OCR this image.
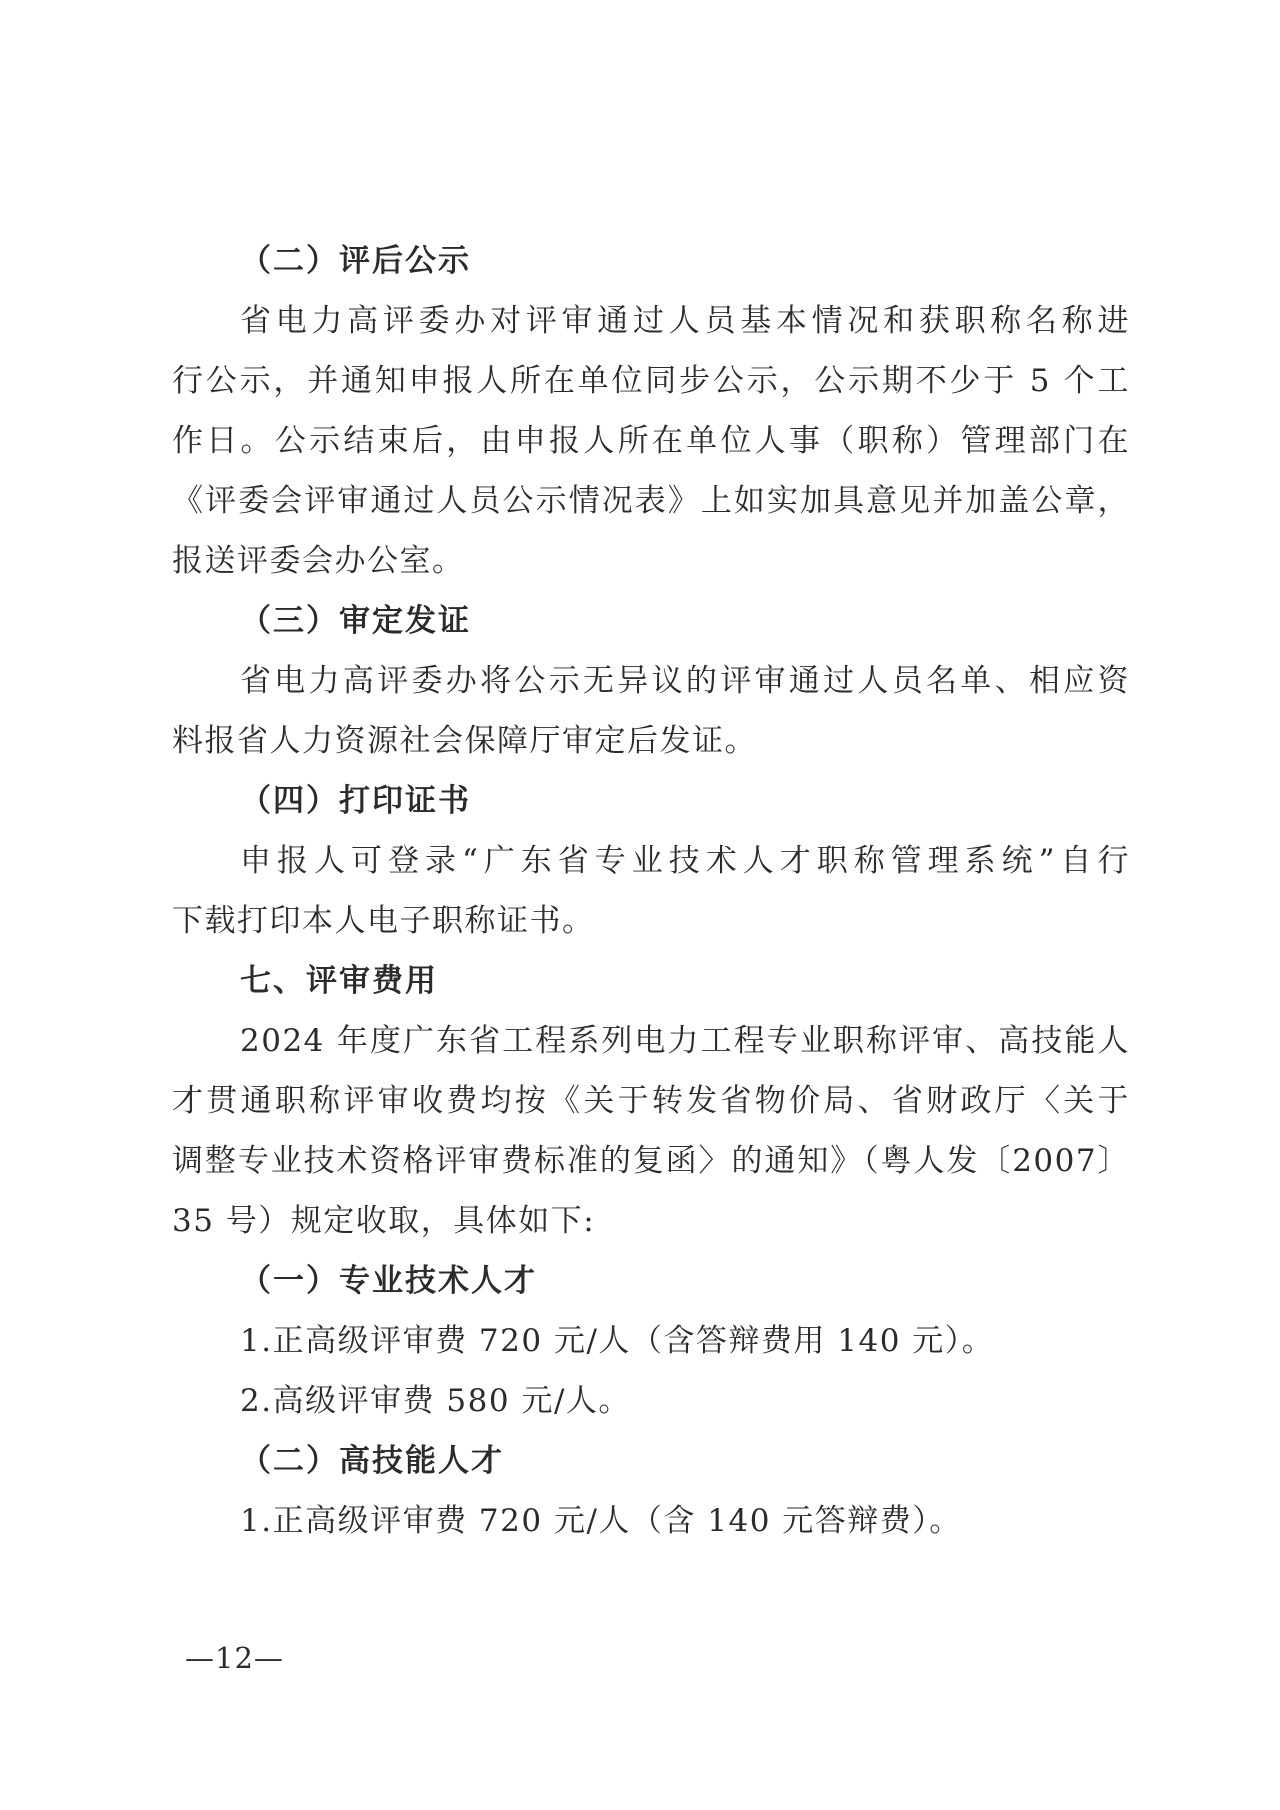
（二）评后公示
省电力高评委办对评审通过人员基本情况和获职称名称进
行公示，并通知申报人所在单位同步公示，公示期不少于 5 个工
作日。公示结束后，由申报人所在单位人事（职称）管理部门在
《评委会评审通过人员公示情况表》上如实加具意见并加盖公章，
报送评委会办公室。
（三）审定发证
省电力高评委办将公示无异议的评审通过人员名单、相应资
料报省人力资源社会保障厅审定后发证。
（四）打印证书
申报人可登录“广东省专业技术人才职称管理系统”自行
下载打印本人电子职称证书。
七、评审费用
2024 年度广东省工程系列电力工程专业职称评审、高技能人
才贯通职称评审收费均按《关于转发省物价局、省财政厅〈关于
调整专业技术资格评审费标准的复函〉的通知》（粤人发〔2007〕
35 号）规定收取，具体如下:
（一）专业技术人才
1.正高级评审费 720 元/人（含答辩费用 140 元）。
2.高级评审费 580 元/人。
（二）高技能人才
1.正高级评审费 720 元/人（含 140 元答辩费）。
—12—
